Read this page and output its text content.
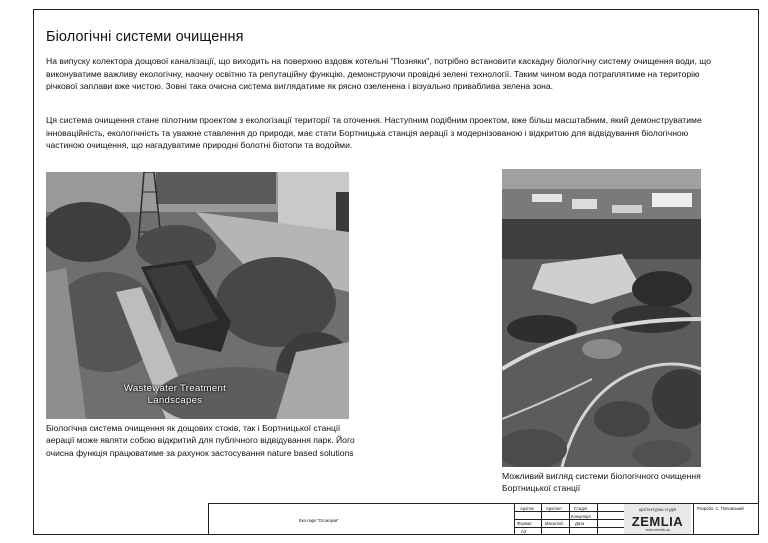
Біологічні системи очищення
На випуску колектора дощової каналізації, що виходить на поверхню вздовж котельні "Позняки", потрібно встановити каскадну біологічну систему очищення води, що виконуватиме важливу екологічну, наочну освітню та репутаційну функцію, демонструючи провідні зелені технології. Таким чином вода потраплятиме на територію річкової заплави вже чистою. Зовні така очисна система виглядатиме як рясно озеленена і візуально приваблива зелена зона.
Ця система очищення стане пілотним проектом з екологізації території та оточення. Наступним подібним проектом, вже більш масштабним, який демонструватиме інноваційність, екологічність та уважне ставлення до природи, має стати Бортницька станція аерації з модернізованою і відкритою для відвідування біологічною частиною очищення, що нагадуватиме природні болотні біотопи та водойми.
Wastewater Treatment
Landscapes
Біологічна система очищення як дощових стоків, так і Бортницької станції аерації може являти собою відкритий для публічного відвідування парк. Його очисна функція працюватиме за рахунок застосування nature based solutions
Можливий вигляд системи біологічного очищення Бортницької станції
Еко-парк "Осокорки"
Архітек	Архітект	Стадія
Концепція
Формат	Масштаб	Дата
A3
Розробл. С. Поповський
архітектурна студія
ZEMLIA
www.zemlia.ua
